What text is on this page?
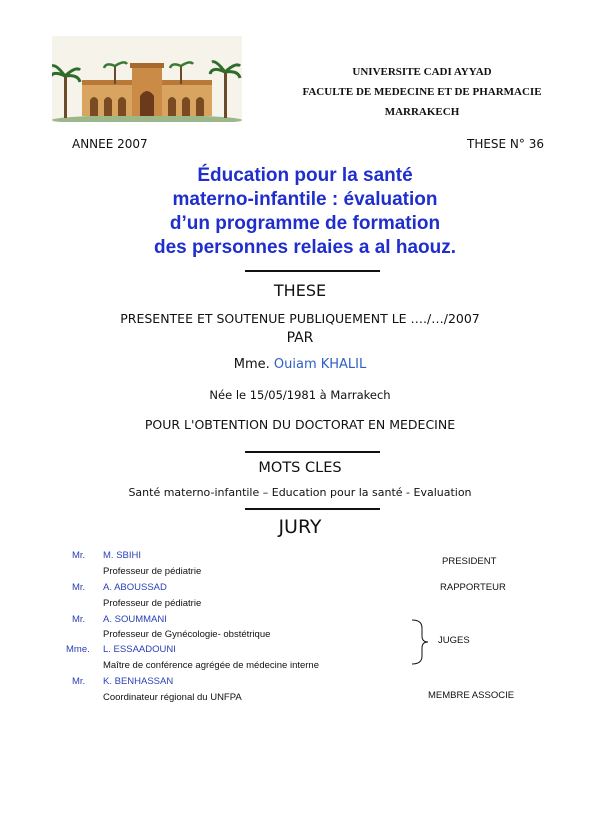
UNIVERSITE CADI AYYAD
FACULTE DE MEDECINE ET DE PHARMACIE
MARRAKECH
ANNEE 2007	THESE N° 36
Éducation pour la santé
materno-infantile : évaluation
d’un programme de formation
des personnes relaies a al haouz.
THESE
PRESENTEE ET SOUTENUE PUBLIQUEMENT LE …./…/2007
PAR
Mme. Ouiam KHALIL
Née le 15/05/1981 à Marrakech
POUR L'OBTENTION DU DOCTORAT EN MEDECINE
MOTS CLES
Santé materno-infantile – Education pour la santé - Evaluation
JURY
Mr. M. SBIHI
Professeur de pédiatrie
Mr. A. ABOUSSAD
Professeur de pédiatrie
Mr. A. SOUMMANI
Professeur de Gynécologie- obstétrique
Mme. L. ESSAADOUNI
Maître de conférence agrégée de médecine interne
Mr. K. BENHASSAN
Coordinateur régional du UNFPA
PRESIDENT
RAPPORTEUR
JUGES
MEMBRE ASSOCIE
